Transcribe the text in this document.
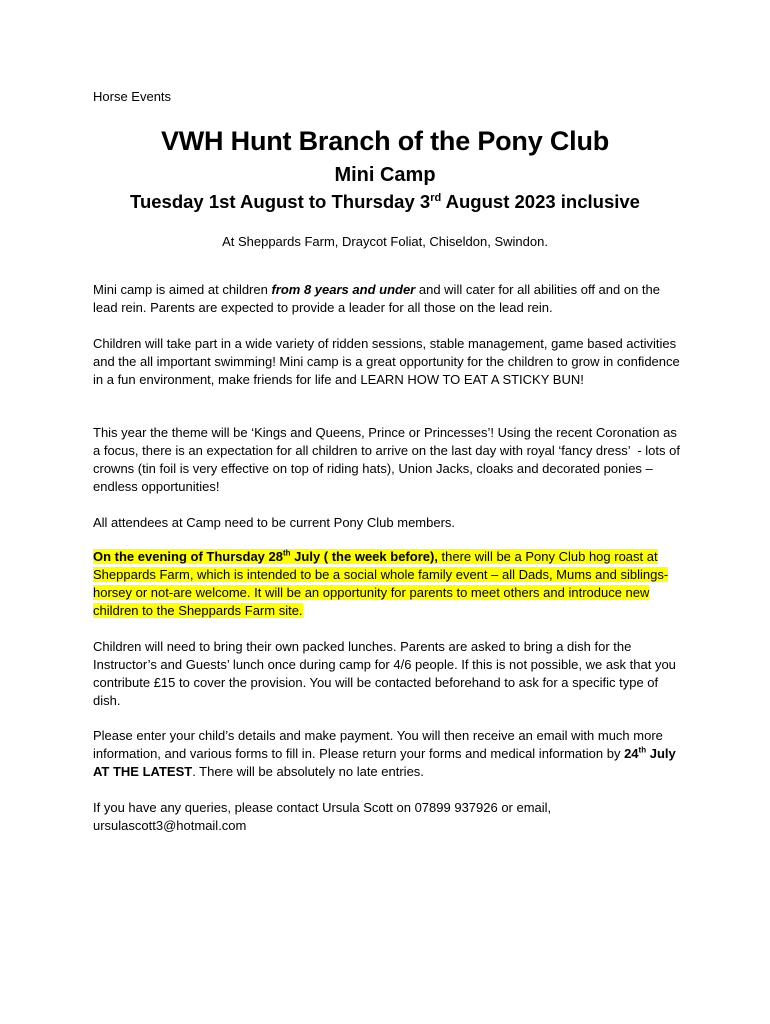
Horse Events
VWH Hunt Branch of the Pony Club
Mini Camp
Tuesday 1st August to Thursday 3rd August 2023 inclusive
At Sheppards Farm, Draycot Foliat, Chiseldon, Swindon.
Mini camp is aimed at children from 8 years and under and will cater for all abilities off and on the lead rein. Parents are expected to provide a leader for all those on the lead rein.
Children will take part in a wide variety of ridden sessions, stable management, game based activities and the all important swimming! Mini camp is a great opportunity for the children to grow in confidence in a fun environment, make friends for life and LEARN HOW TO EAT A STICKY BUN!
This year the theme will be ‘Kings and Queens, Prince or Princesses’! Using the recent Coronation as a focus, there is an expectation for all children to arrive on the last day with royal ‘fancy dress’  - lots of crowns (tin foil is very effective on top of riding hats), Union Jacks, cloaks and decorated ponies – endless opportunities!
All attendees at Camp need to be current Pony Club members.
On the evening of Thursday 28th July ( the week before), there will be a Pony Club hog roast at Sheppards Farm, which is intended to be a social whole family event – all Dads, Mums and siblings-horsey or not-are welcome. It will be an opportunity for parents to meet others and introduce new children to the Sheppards Farm site.
Children will need to bring their own packed lunches. Parents are asked to bring a dish for the Instructor’s and Guests’ lunch once during camp for 4/6 people. If this is not possible, we ask that you contribute £15 to cover the provision. You will be contacted beforehand to ask for a specific type of dish.
Please enter your child’s details and make payment. You will then receive an email with much more information, and various forms to fill in. Please return your forms and medical information by 24th July AT THE LATEST. There will be absolutely no late entries.
If you have any queries, please contact Ursula Scott on 07899 937926 or email,
ursulascott3@hotmail.com
